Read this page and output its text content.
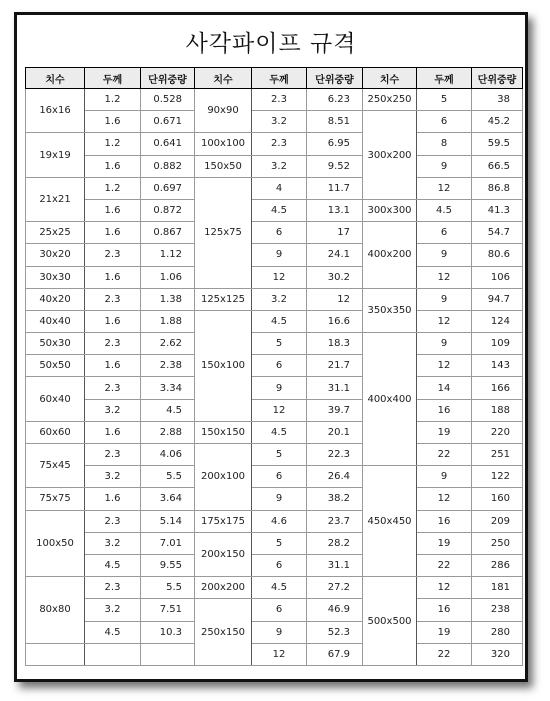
사각파이프 규격
치수	두께	단위중량	치수	두께	단위중량	치수	두께	단위중량
16x16	1.2	0.528	90x90	2.3	6.23	250x250	5	38
	1.6	0.671		3.2	8.51	300x200	6	45.2
19x19	1.2	0.641	100x100	2.3	6.95		8	59.5
	1.6	0.882	150x50	3.2	9.52		9	66.5
21x21	1.2	0.697	125x75	4	11.7		12	86.8
	1.6	0.872		4.5	13.1	300x300	4.5	41.3
25x25	1.6	0.867		6	17	400x200	6	54.7
30x20	2.3	1.12		9	24.1		9	80.6
30x30	1.6	1.06		12	30.2		12	106
40x20	2.3	1.38	125x125	3.2	12	350x350	9	94.7
40x40	1.6	1.88	150x100	4.5	16.6		12	124
50x30	2.3	2.62		5	18.3	400x400	9	109
50x50	1.6	2.38		6	21.7		12	143
60x40	2.3	3.34		9	31.1		14	166
	3.2	4.5		12	39.7		16	188
60x60	1.6	2.88	150x150	4.5	20.1		19	220
75x45	2.3	4.06	200x100	5	22.3		22	251
	3.2	5.5		6	26.4	450x450	9	122
75x75	1.6	3.64		9	38.2		12	160
100x50	2.3	5.14	175x175	4.6	23.7		16	209
	3.2	7.01	200x150	5	28.2		19	250
	4.5	9.55		6	31.1		22	286
80x80	2.3	5.5	200x200	4.5	27.2	500x500	12	181
	3.2	7.51	250x150	6	46.9		16	238
	4.5	10.3		9	52.3		19	280
				12	67.9		22	320
